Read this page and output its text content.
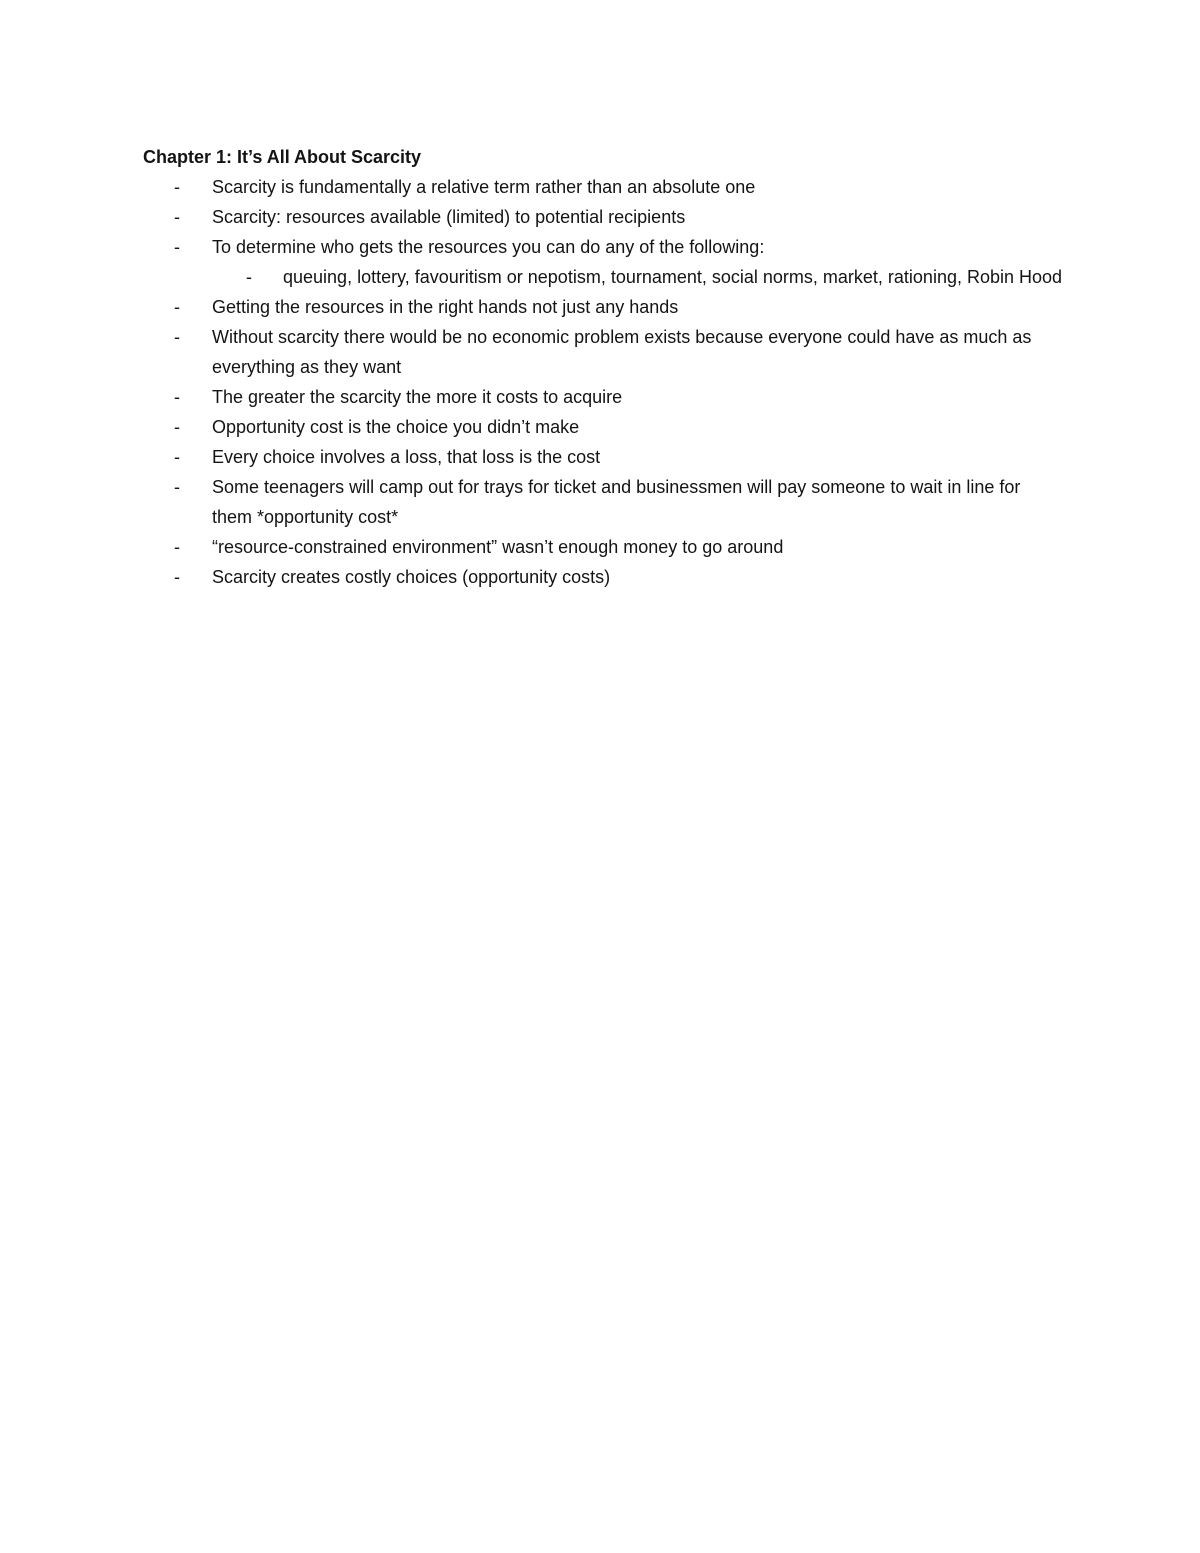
Chapter 1: It’s All About Scarcity
- Scarcity is fundamentally a relative term rather than an absolute one
- Scarcity: resources available (limited) to potential recipients
- To determine who gets the resources you can do any of the following:
- queuing, lottery, favouritism or nepotism, tournament, social norms, market, rationing, Robin Hood
- Getting the resources in the right hands not just any hands
- Without scarcity there would be no economic problem exists because everyone could have as much as everything as they want
- The greater the scarcity the more it costs to acquire
- Opportunity cost is the choice you didn’t make
- Every choice involves a loss, that loss is the cost
- Some teenagers will camp out for trays for ticket and businessmen will pay someone to wait in line for them *opportunity cost*
- “resource-constrained environment” wasn’t enough money to go around
- Scarcity creates costly choices (opportunity costs)
